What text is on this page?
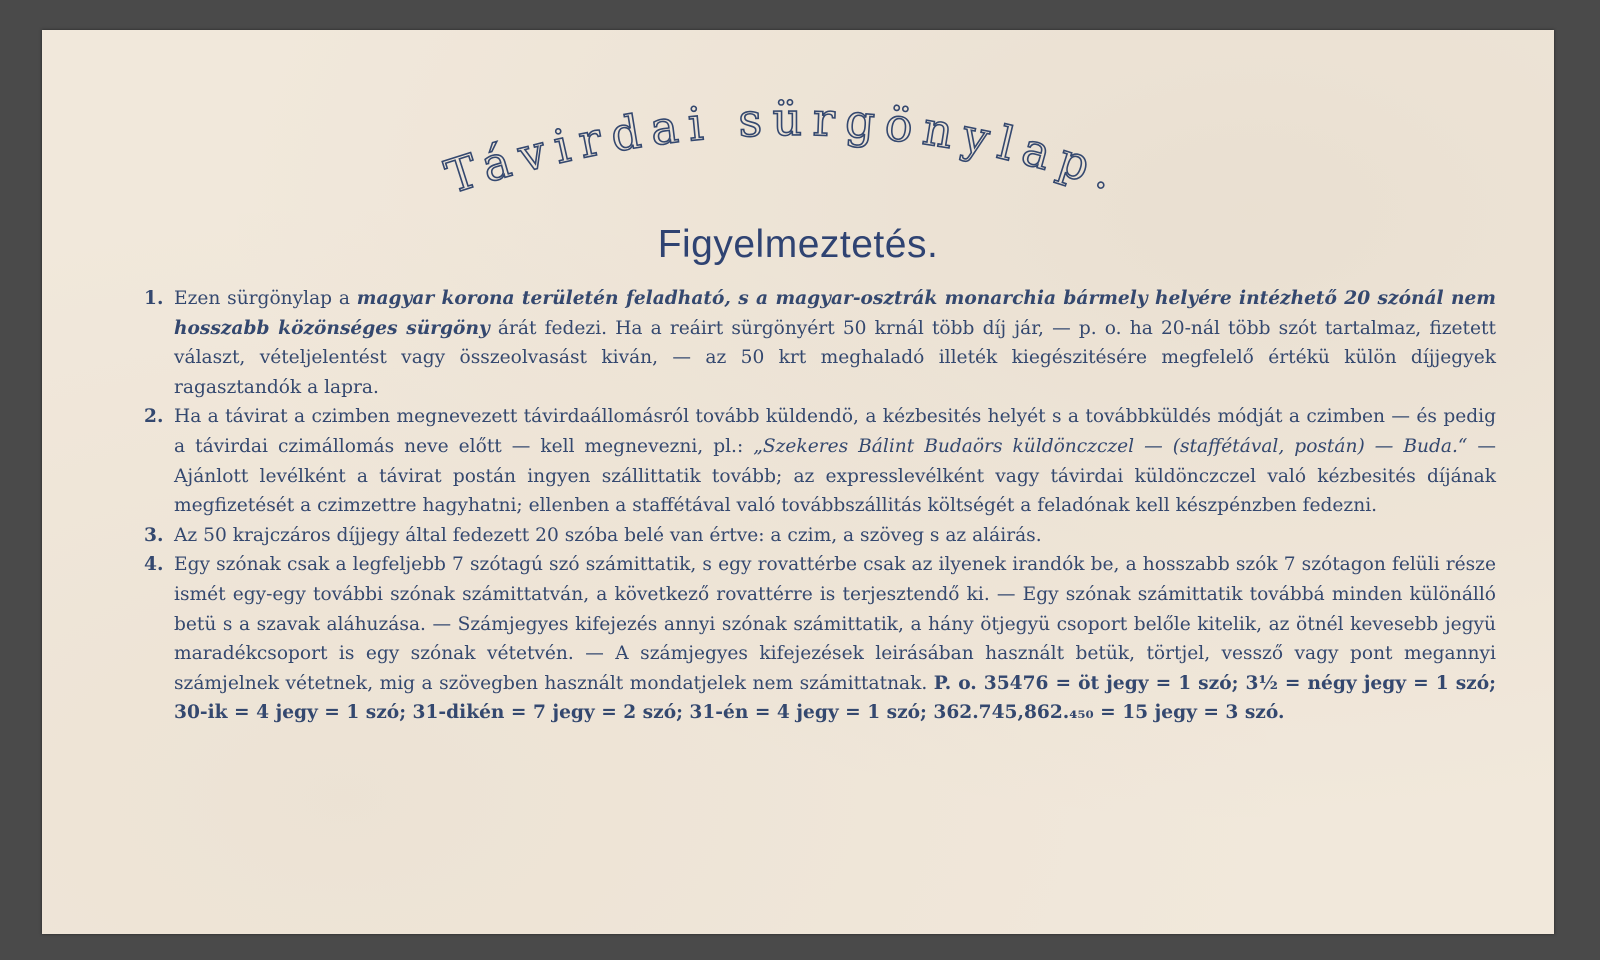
Távirdai sürgönylap.
Figyelmeztetés.
1. Ezen sürgönylap a magyar korona területén feladható, s a magyar-osztrák monarchia bármely helyére intézhető 20 szónál nem hosszabb közönséges sürgöny árát fedezi. Ha a reáirt sürgönyért 50 krnál több díj jár, — p. o. ha 20-nál több szót tartalmaz, fizetett választ, vételjelentést vagy összeolvasást kiván, — az 50 krt meghaladó illeték kiegészitésére megfelelő értékü külön díjjegyek ragasztandók a lapra.
2. Ha a távirat a czimben megnevezett távirdaállomásról tovább küldendö, a kézbesités helyét s a továbbküldés módját a czimben — és pedig a távirdai czimállomás neve előtt — kell megnevezni, pl.: „Szekeres Bálint Budaörs küldönczczel — (staffétával, postán) — Buda.“ — Ajánlott levélként a távirat postán ingyen szállittatik tovább; az expresslevélként vagy távirdai küldönczczel való kézbesités díjának megfizetését a czimzettre hagyhatni; ellenben a staffétával való továbbszállitás költségét a feladónak kell készpénzben fedezni.
3. Az 50 krajczáros díjjegy által fedezett 20 szóba belé van értve: a czim, a szöveg s az aláirás.
4. Egy szónak csak a legfeljebb 7 szótagú szó számittatik, s egy rovattérbe csak az ilyenek irandók be, a hosszabb szók 7 szótagon felüli része ismét egy-egy további szónak számittatván, a következő rovattérre is terjesztendő ki. — Egy szónak számittatik továbbá minden különálló betü s a szavak aláhuzása. — Számjegyes kifejezés annyi szónak számittatik, a hány ötjegyü csoport belőle kitelik, az ötnél kevesebb jegyü maradékcsoport is egy szónak vétetvén. — A számjegyes kifejezések leirásában használt betük, törtjel, vessző vagy pont megannyi számjelnek vétetnek, mig a szövegben használt mondatjelek nem számittatnak. P. o. 35476 = öt jegy = 1 szó; 3½ = négy jegy = 1 szó; 30-ik = 4 jegy = 1 szó; 31-dikén = 7 jegy = 2 szó; 31-én = 4 jegy = 1 szó; 362.745,862.₄₅₀ = 15 jegy = 3 szó.
